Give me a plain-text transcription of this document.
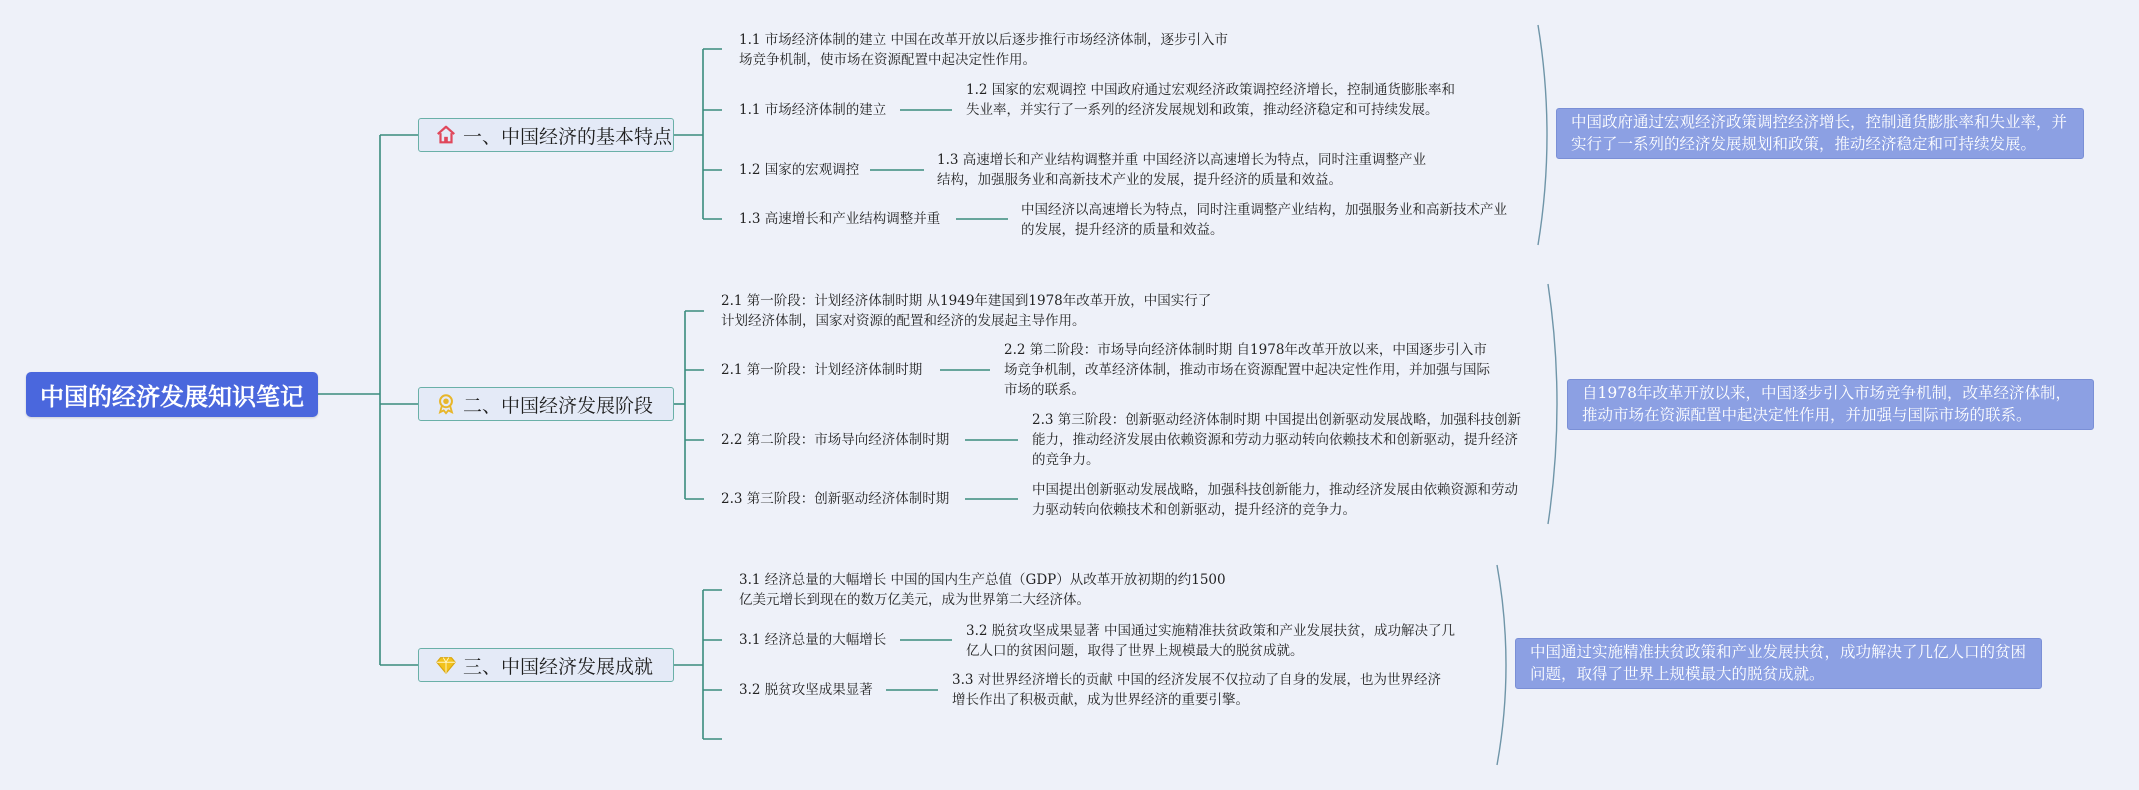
中国的经济发展知识笔记
一、中国经济的基本特点
1.1 市场经济体制的建立 中国在改革开放以后逐步推行市场经济体制，逐步引入市场竞争机制，使市场在资源配置中起决定性作用。
1.1 市场经济体制的建立
1.2 国家的宏观调控 中国政府通过宏观经济政策调控经济增长，控制通货膨胀率和失业率，并实行了一系列的经济发展规划和政策，推动经济稳定和可持续发展。
1.2 国家的宏观调控
1.3 高速增长和产业结构调整并重 中国经济以高速增长为特点，同时注重调整产业结构，加强服务业和高新技术产业的发展，提升经济的质量和效益。
1.3 高速增长和产业结构调整并重
中国经济以高速增长为特点，同时注重调整产业结构，加强服务业和高新技术产业的发展，提升经济的质量和效益。
中国政府通过宏观经济政策调控经济增长，控制通货膨胀率和失业率，并实行了一系列的经济发展规划和政策，推动经济稳定和可持续发展。
二、中国经济发展阶段
2.1 第一阶段：计划经济体制时期 从1949年建国到1978年改革开放，中国实行了计划经济体制，国家对资源的配置和经济的发展起主导作用。
2.1 第一阶段：计划经济体制时期
2.2 第二阶段：市场导向经济体制时期 自1978年改革开放以来，中国逐步引入市场竞争机制，改革经济体制，推动市场在资源配置中起决定性作用，并加强与国际市场的联系。
2.2 第二阶段：市场导向经济体制时期
2.3 第三阶段：创新驱动经济体制时期 中国提出创新驱动发展战略，加强科技创新能力，推动经济发展由依赖资源和劳动力驱动转向依赖技术和创新驱动，提升经济的竞争力。
2.3 第三阶段：创新驱动经济体制时期
中国提出创新驱动发展战略，加强科技创新能力，推动经济发展由依赖资源和劳动力驱动转向依赖技术和创新驱动，提升经济的竞争力。
自1978年改革开放以来，中国逐步引入市场竞争机制，改革经济体制，推动市场在资源配置中起决定性作用，并加强与国际市场的联系。
三、中国经济发展成就
3.1 经济总量的大幅增长 中国的国内生产总值（GDP）从改革开放初期的约1500亿美元增长到现在的数万亿美元，成为世界第二大经济体。
3.1 经济总量的大幅增长
3.2 脱贫攻坚成果显著 中国通过实施精准扶贫政策和产业发展扶贫，成功解决了几亿人口的贫困问题，取得了世界上规模最大的脱贫成就。
3.2 脱贫攻坚成果显著
3.3 对世界经济增长的贡献 中国的经济发展不仅拉动了自身的发展，也为世界经济增长作出了积极贡献，成为世界经济的重要引擎。
中国通过实施精准扶贫政策和产业发展扶贫，成功解决了几亿人口的贫困问题，取得了世界上规模最大的脱贫成就。
